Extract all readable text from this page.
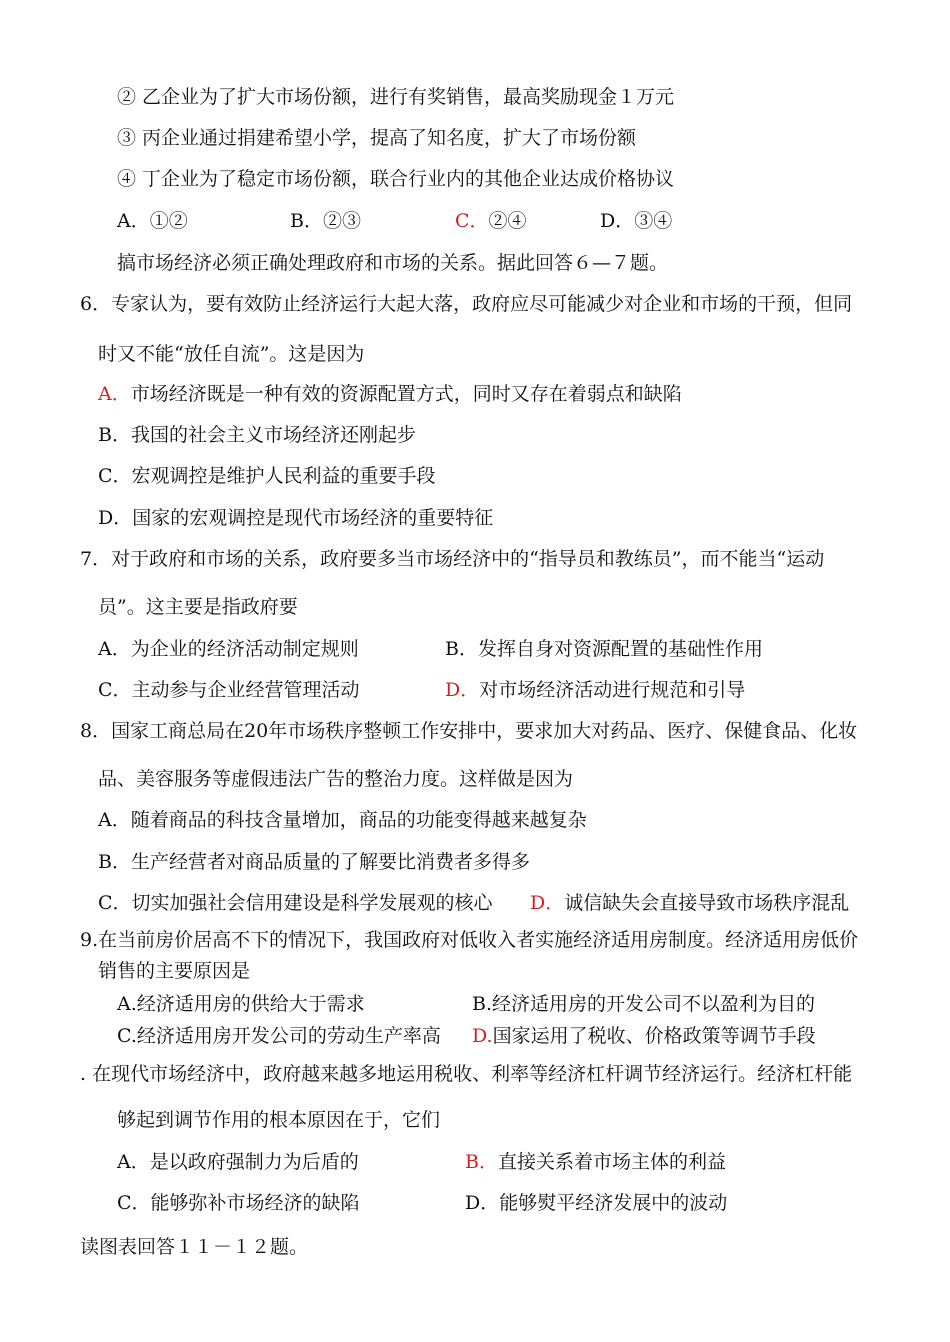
② 乙企业为了扩大市场份额，进行有奖销售，最高奖励现金１万元
③ 丙企业通过捐建希望小学，提高了知名度，扩大了市场份额
④ 丁企业为了稳定市场份额，联合行业内的其他企业达成价格协议
A．①②	B．②③	C．②④	D．③④
搞市场经济必须正确处理政府和市场的关系。据此回答６—７题。
6．专家认为，要有效防止经济运行大起大落，政府应尽可能减少对企业和市场的干预，但同
时又不能“放任自流”。这是因为
A．市场经济既是一种有效的资源配置方式，同时又存在着弱点和缺陷
B．我国的社会主义市场经济还刚起步
C．宏观调控是维护人民利益的重要手段
D．国家的宏观调控是现代市场经济的重要特征
7．对于政府和市场的关系，政府要多当市场经济中的“指导员和教练员”，而不能当“运动
员”。这主要是指政府要
A．为企业的经济活动制定规则	B．发挥自身对资源配置的基础性作用
C．主动参与企业经营管理活动	D．对市场经济活动进行规范和引导
8．国家工商总局在20年市场秩序整顿工作安排中，要求加大对药品、医疗、保健食品、化妆
品、美容服务等虚假违法广告的整治力度。这样做是因为
A．随着商品的科技含量增加，商品的功能变得越来越复杂
B．生产经营者对商品质量的了解要比消费者多得多
C．切实加强社会信用建设是科学发展观的核心 D．诚信缺失会直接导致市场秩序混乱
9.在当前房价居高不下的情况下，我国政府对低收入者实施经济适用房制度。经济适用房低价
销售的主要原因是
A.经济适用房的供给大于需求	B.经济适用房的开发公司不以盈利为目的
C.经济适用房开发公司的劳动生产率高 D.国家运用了税收、价格政策等调节手段
. 在现代市场经济中，政府越来越多地运用税收、利率等经济杠杆调节经济运行。经济杠杆能
够起到调节作用的根本原因在于，它们
A．是以政府强制力为后盾的	B．直接关系着市场主体的利益
C．能够弥补市场经济的缺陷	D．能够熨平经济发展中的波动
读图表回答１１－１２题。
